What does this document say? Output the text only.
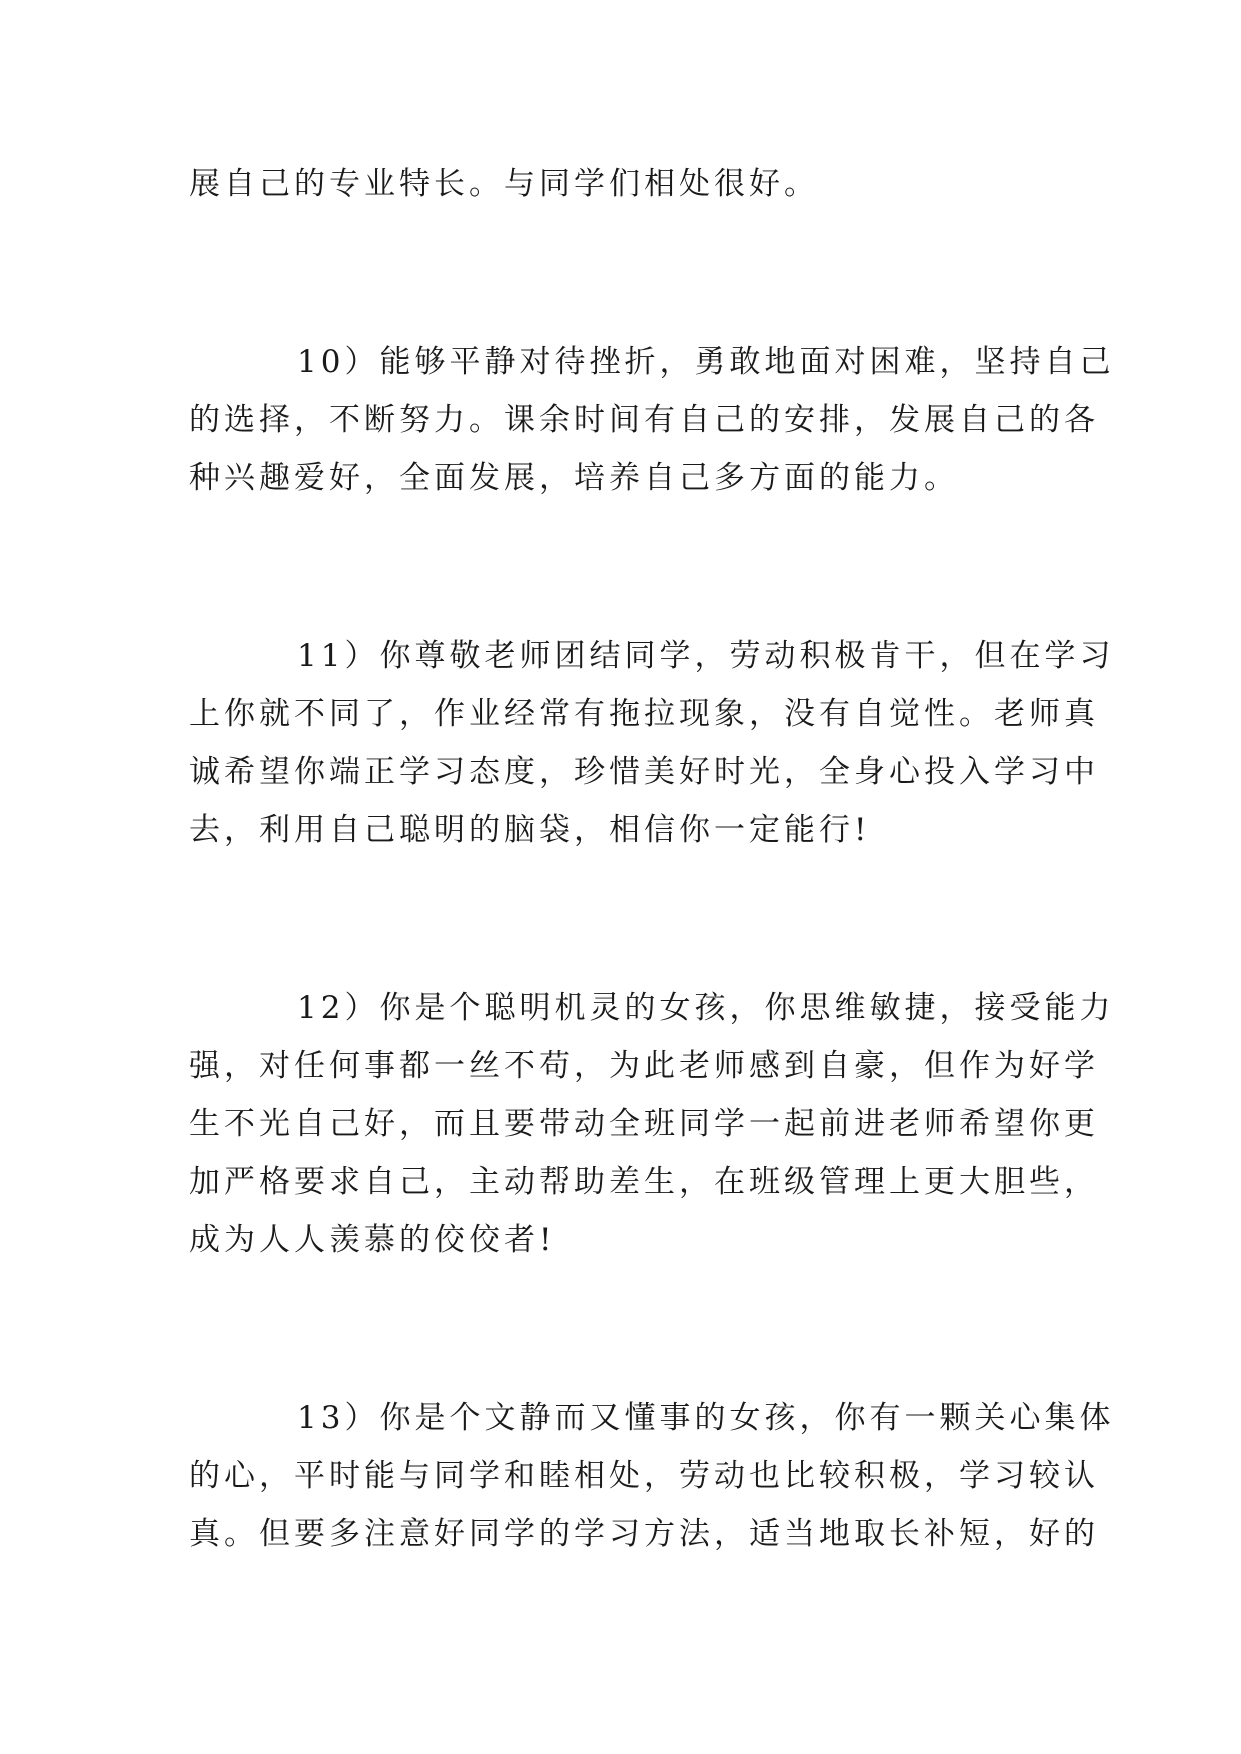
展自己的专业特长。与同学们相处很好。
10）能够平静对待挫折，勇敢地面对困难，坚持自己
的选择，不断努力。课余时间有自己的安排，发展自己的各
种兴趣爱好，全面发展，培养自己多方面的能力。
11）你尊敬老师团结同学，劳动积极肯干，但在学习
上你就不同了，作业经常有拖拉现象，没有自觉性。老师真
诚希望你端正学习态度，珍惜美好时光，全身心投入学习中
去，利用自己聪明的脑袋，相信你一定能行!
12）你是个聪明机灵的女孩，你思维敏捷，接受能力
强，对任何事都一丝不苟，为此老师感到自豪，但作为好学
生不光自己好，而且要带动全班同学一起前进老师希望你更
加严格要求自己，主动帮助差生，在班级管理上更大胆些，
成为人人羡慕的佼佼者!
13）你是个文静而又懂事的女孩，你有一颗关心集体
的心，平时能与同学和睦相处，劳动也比较积极，学习较认
真。但要多注意好同学的学习方法，适当地取长补短，好的
